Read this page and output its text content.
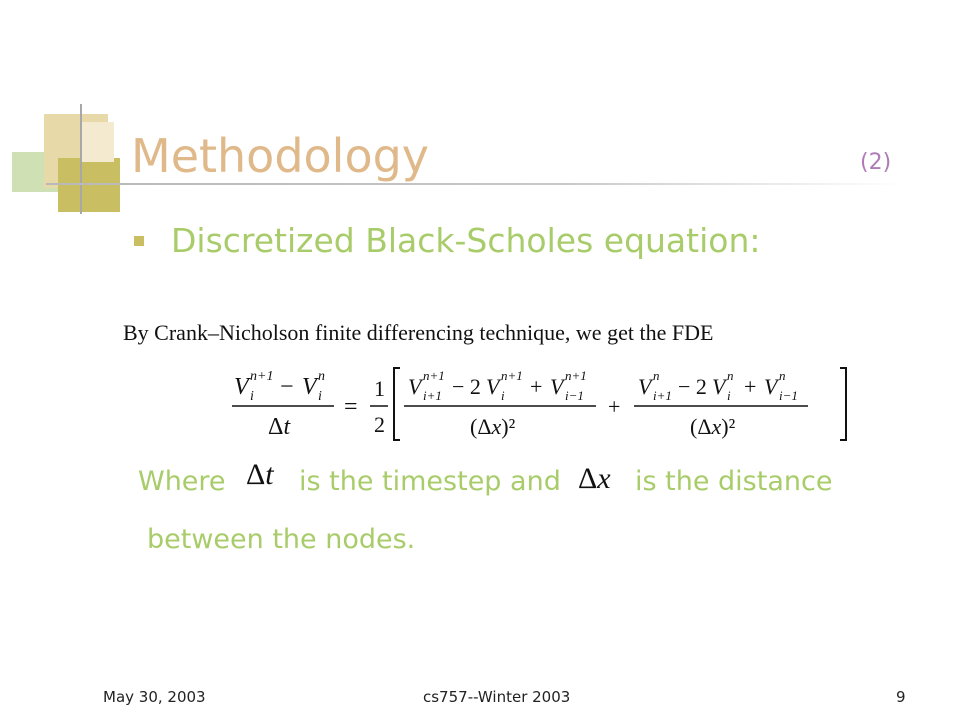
Methodology	(2)
Discretized Black-Scholes equation:
By Crank–Nicholson finite differencing technique, we get the FDE
V i
n+1 − V i
n
Δt
=
1
2
V i+1
n+1 − 2 V i
n+1 + V i−1
n+1
(Δx)²
+
V i+1
n − 2 V i
n + V i−1
n
(Δx)²
Where Δt is the timestep and Δx is the distance
between the nodes.
May 30, 2003	cs757--Winter 2003	9
